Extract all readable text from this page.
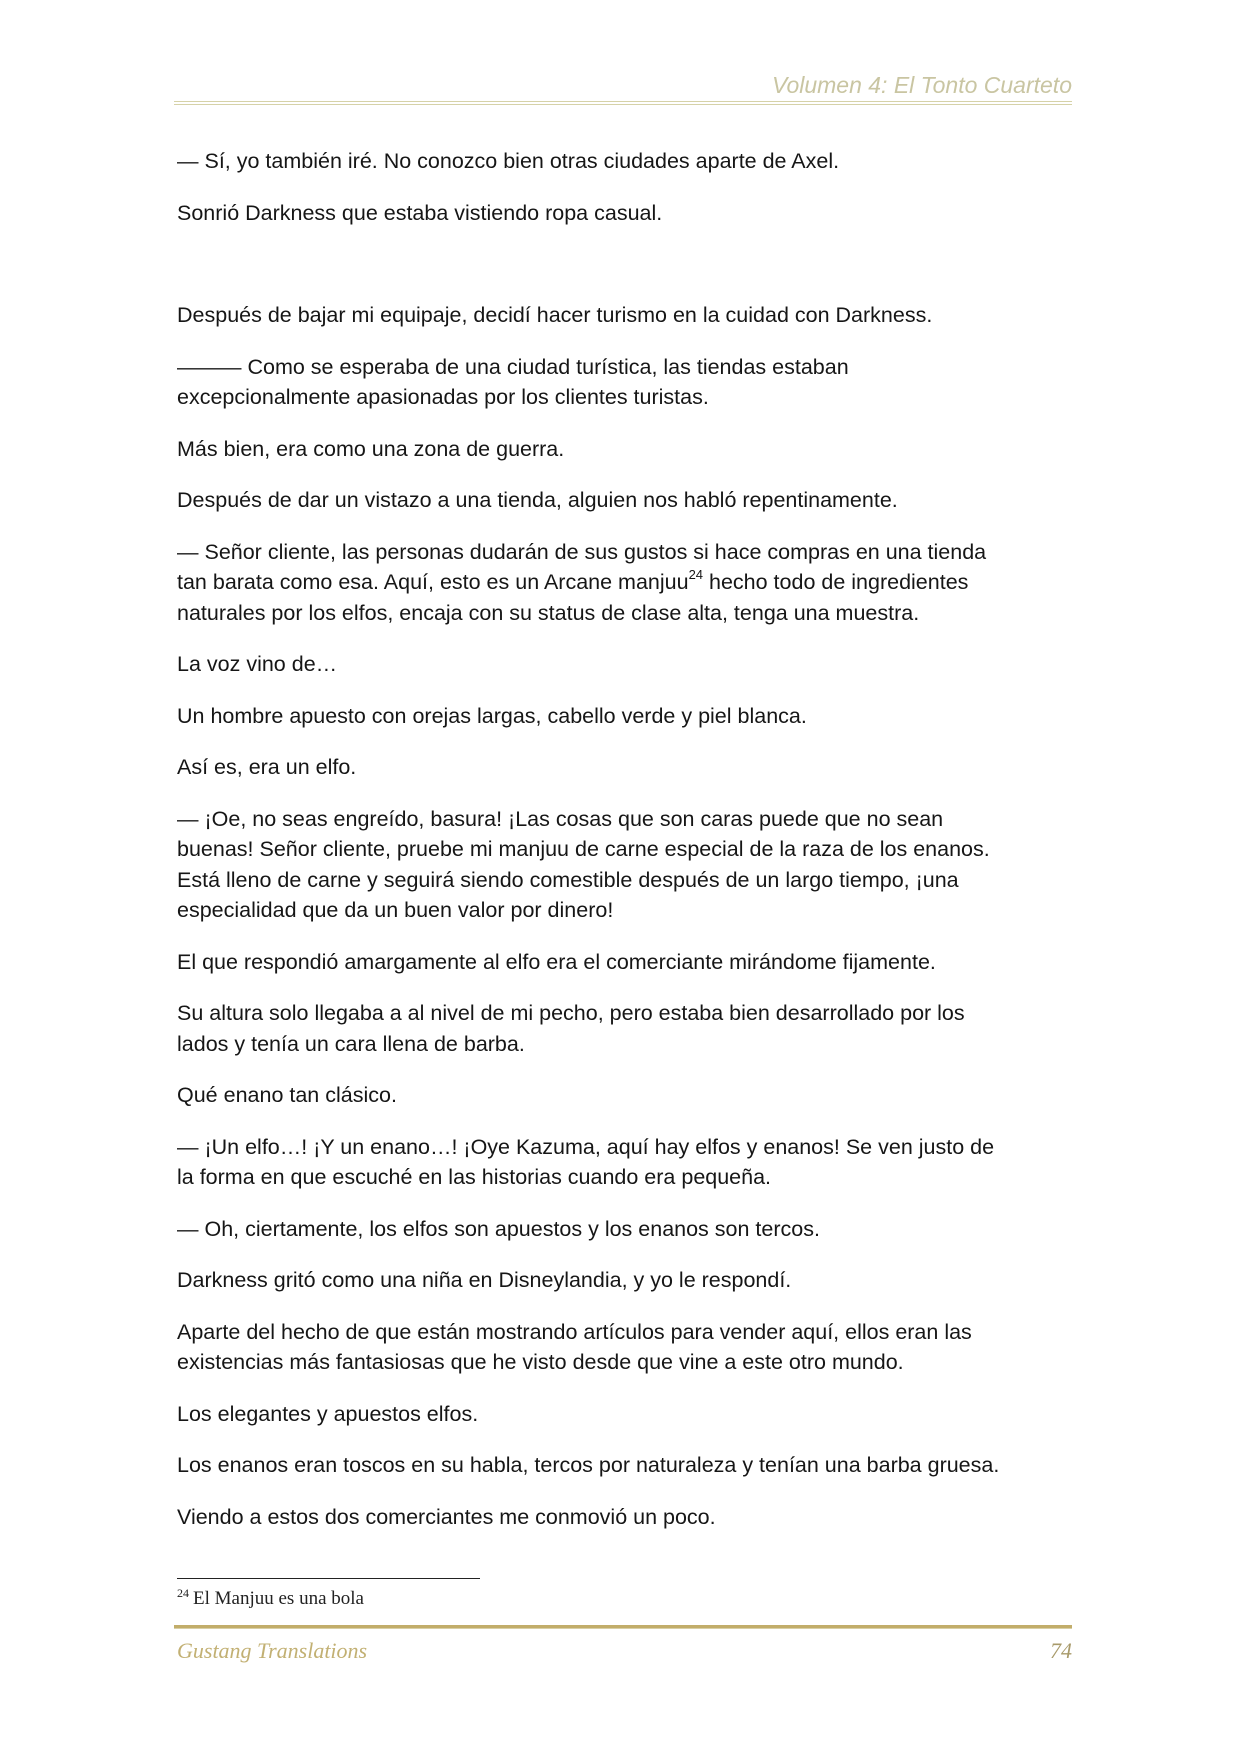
Volumen 4: El Tonto Cuarteto

— Sí, yo también iré. No conozco bien otras ciudades aparte de Axel.

Sonrió Darkness que estaba vistiendo ropa casual.

Después de bajar mi equipaje, decidí hacer turismo en la cuidad con Darkness.

——— Como se esperaba de una ciudad turística, las tiendas estaban
excepcionalmente apasionadas por los clientes turistas.

Más bien, era como una zona de guerra.

Después de dar un vistazo a una tienda, alguien nos habló repentinamente.

— Señor cliente, las personas dudarán de sus gustos si hace compras en una tienda
tan barata como esa. Aquí, esto es un Arcane manjuu$^{24}$ hecho todo de ingredientes
naturales por los elfos, encaja con su status de clase alta, tenga una muestra.

La voz vino de…

Un hombre apuesto con orejas largas, cabello verde y piel blanca.

Así es, era un elfo.

— ¡Oe, no seas engreído, basura! ¡Las cosas que son caras puede que no sean
buenas! Señor cliente, pruebe mi manjuu de carne especial de la raza de los enanos.
Está lleno de carne y seguirá siendo comestible después de un largo tiempo, ¡una
especialidad que da un buen valor por dinero!

El que respondió amargamente al elfo era el comerciante mirándome fijamente.

Su altura solo llegaba a al nivel de mi pecho, pero estaba bien desarrollado por los
lados y tenía un cara llena de barba.

Qué enano tan clásico.

— ¡Un elfo…! ¡Y un enano…! ¡Oye Kazuma, aquí hay elfos y enanos! Se ven justo de
la forma en que escuché en las historias cuando era pequeña.

— Oh, ciertamente, los elfos son apuestos y los enanos son tercos.

Darkness gritó como una niña en Disneylandia, y yo le respondí.

Aparte del hecho de que están mostrando artículos para vender aquí, ellos eran las
existencias más fantasiosas que he visto desde que vine a este otro mundo.

Los elegantes y apuestos elfos.

Los enanos eran toscos en su habla, tercos por naturaleza y tenían una barba gruesa.

Viendo a estos dos comerciantes me conmovió un poco.

$^{24}$ El Manjuu es una bola
Gustang Translations	74
